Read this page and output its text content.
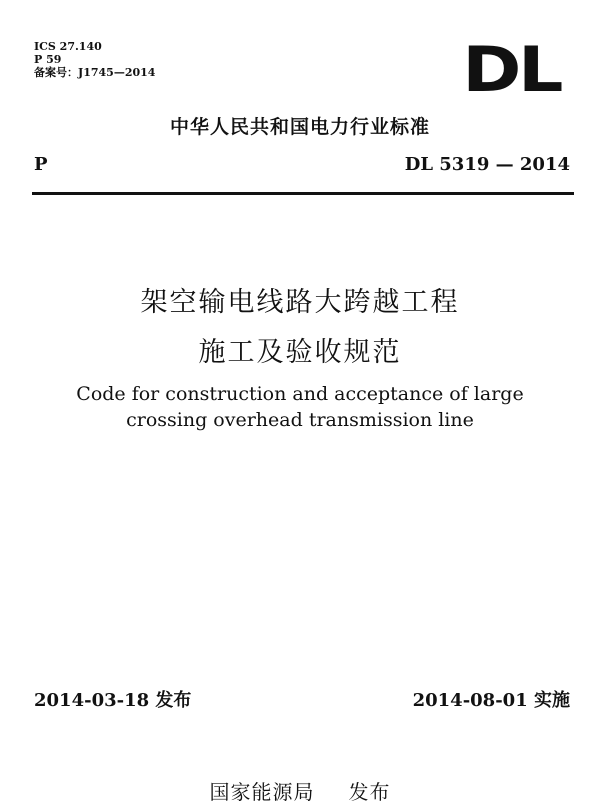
ICS 27.140
P 59
备案号：J1745—2014	DL
中华人民共和国电力行业标准
P	DL 5319 — 2014
架空输电线路大跨越工程
施工及验收规范
Code for construction and acceptance of large
crossing overhead transmission line
2014-03-18 发布	2014-08-01 实施
国家能源局 发布
